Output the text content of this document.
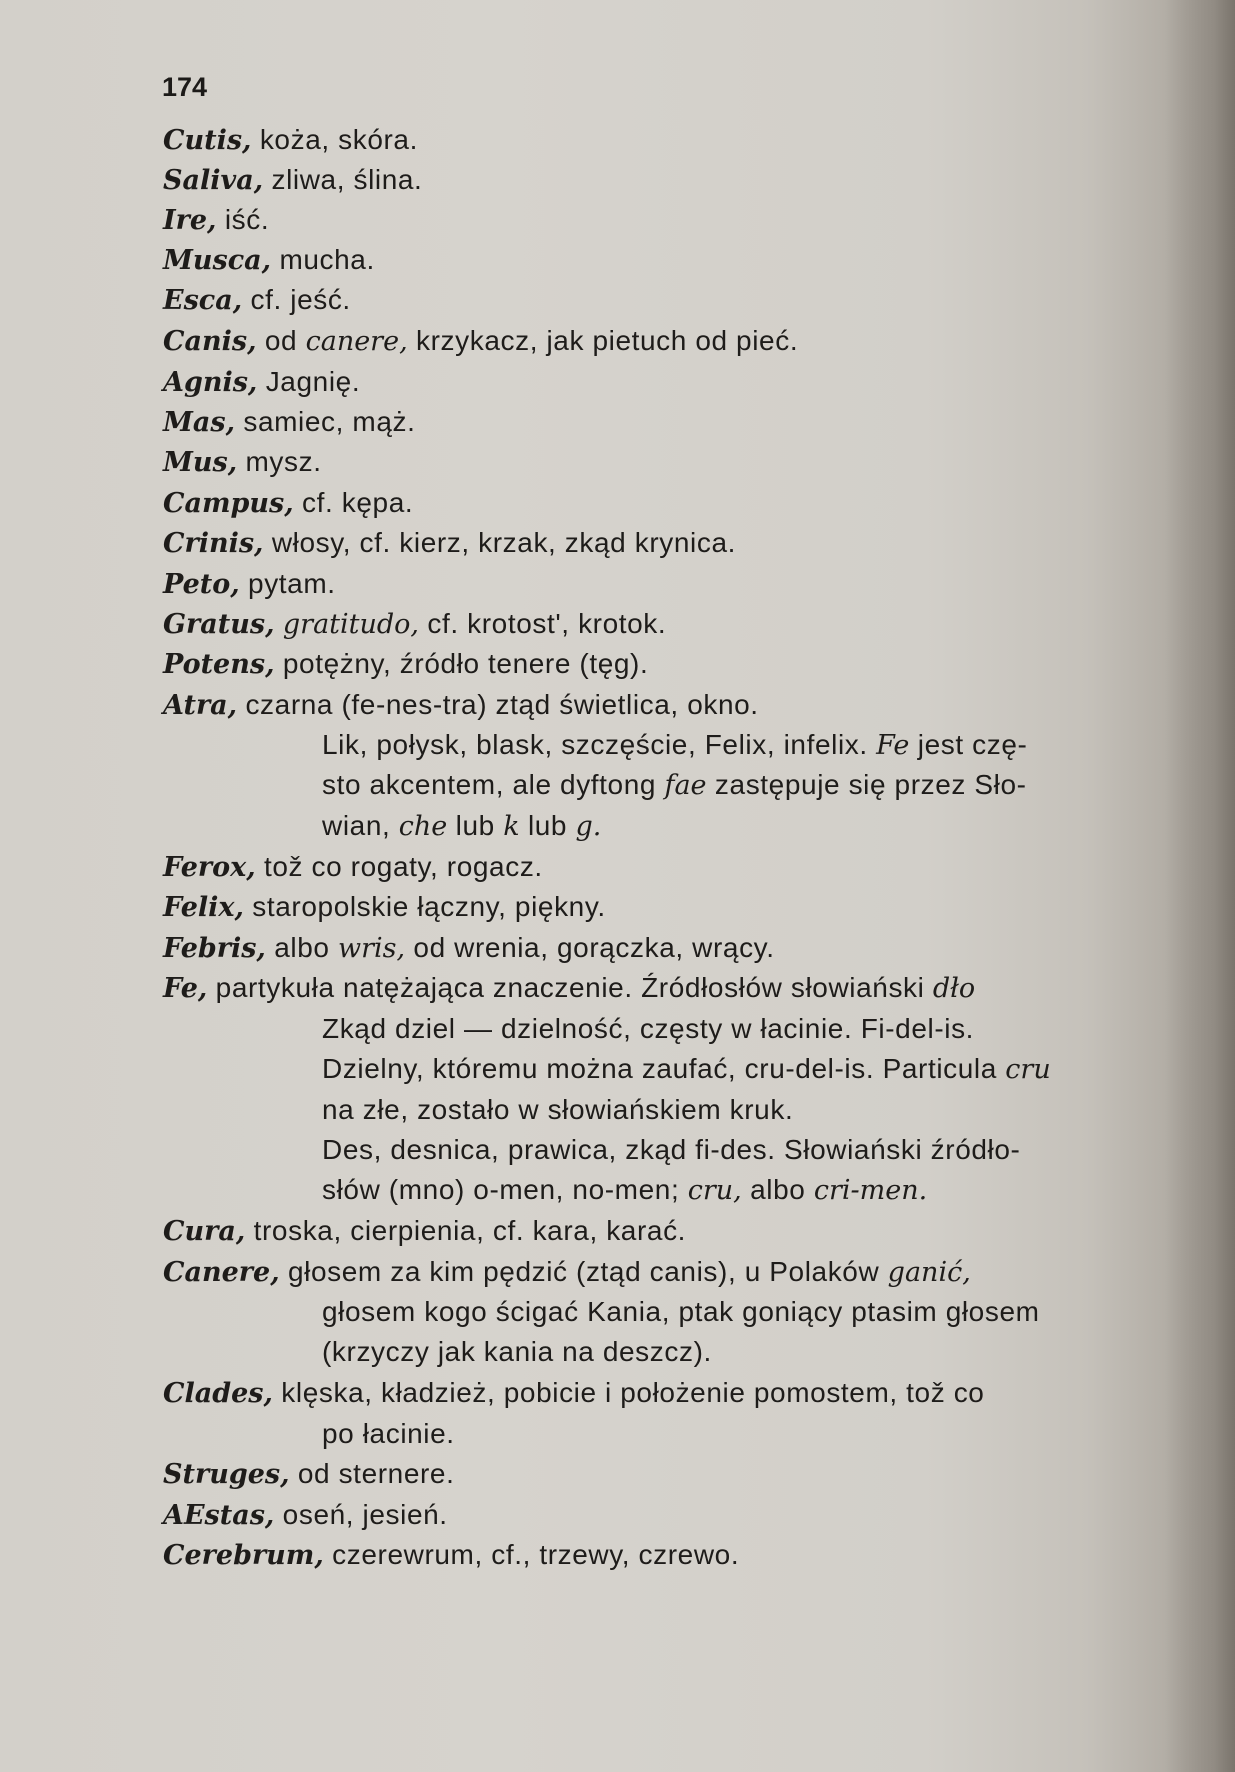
174

Cutis, koża, skóra.

Saliva, zliwa, ślina.

Ire, iść.

Musca, mucha.

Esca, cf. jeść.

Canis, od canere, krzykacz, jak pietuch od pieć.

Agnis, Jagnię.

Mas, samiec, mąż.

Mus, mysz.

Campus, cf. kępa.

Crinis, włosy, cf. kierz, krzak, zkąd krynica.

Peto, pytam.

Gratus, gratitudo, cf. krotost', krotok.

Potens, potężny, źródło tenere (tęg).

Atra, czarna (fe-nes-tra) ztąd świetlica, okno.

Lik, połysk, blask, szczęście, Felix, infelix. Fe jest czę-

sto akcentem, ale dyftong fae zastępuje się przez Sło-

wian, che lub k lub g.

Ferox, tož co rogaty, rogacz.

Felix, staropolskie łączny, piękny.

Febris, albo wris, od wrenia, gorączka, wrący.

Fe, partykuła natężająca znaczenie. Źródłosłów słowiański dło

Zkąd dziel — dzielność, częsty w łacinie. Fi-del-is.

Dzielny, któremu można zaufać, cru-del-is. Particula cru

na złe, zostało w słowiańskiem kruk.

Des, desnica, prawica, zkąd fi-des. Słowiański źródło-

słów (mno) o-men, no-men; cru, albo cri-men.

Cura, troska, cierpienia, cf. kara, karać.

Canere, głosem za kim pędzić (ztąd canis), u Polaków ganić,

głosem kogo ścigać Kania, ptak goniący ptasim głosem

(krzyczy jak kania na deszcz).

Clades, klęska, kładzież, pobicie i położenie pomostem, tož co

po łacinie.

Struges, od sternere.

AEstas, oseń, jesień.

Cerebrum, czerewrum, cf., trzewy, czrewo.
